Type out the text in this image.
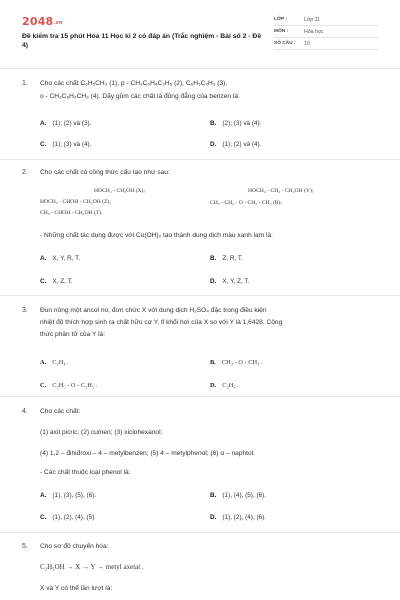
2048.vn
Đề kiểm tra 15 phút Hóa 11 Học kì 2 có đáp án (Trắc nghiệm - Bài số 2 - Đề 4)
LỚP :	Lớp 11
MÔN :	Hóa học
SỐ CÂU :	10
1. Cho các chất C₆H₅CH₃ (1), p - CH₃C₆H₄C₂H₅ (2), C₆H₅C₂H₃ (3),
o - CH₃C₆H₄CH₃ (4). Dãy gồm các chất là đồng đẳng của benzen là:
A. (1); (2) và (3).	B. (2); (3) và (4).
C. (1); (3) và (4).	D. (1); (2) và (4).
2. Cho các chất có công thức cấu tạo như sau:
HOCH₂ - CH₂OH (X);
HOCH₂ - CHOH - CH₂OH (Z);
CH₃ - CHOH - CH₂OH (T).
HOCH₂ - CH₂ - CH₂OH (Y);
CH₃ - CH₂ - O - CH₂ - CH₃ (R);
- Những chất tác dụng được với Cu(OH)₂ tạo thành dung dịch màu xanh lam là:
A. X, Y, R, T.	B. Z, R, T.
C. X, Z, T.	D. X, Y, Z, T.
3. Đun nóng một ancol no, đơn chức X với dung dịch H₂SO₄ đặc trong điều kiện
nhiệt độ thích hợp sinh ra chất hữu cơ Y, tỉ khối hơi của X so với Y là 1,6428. Công
thức phân tử của Y là:
A. C₂H₄ .	B. CH₃ - O - CH₃ .
C. C₂H₅ - O - C₂H₅ .	D. C₃H₆ .
4. Cho các chất:
(1) axit picric; (2) cumen; (3) xiclohexanol;
(4) 1,2 – đihiđroxi – 4 – metylbenzen; (5) 4 – metylphenol; (6) α – naphtol.
- Các chất thuộc loại phenol là:
A. (1), (3), (5), (6).	B. (1), (4), (5), (6).
C. (1), (2), (4), (5)	D. (1), (2), (4), (6).
5. Cho sơ đồ chuyển hóa:
C₂H₅OH → X → Y → metyl axetat .
X và Y có thể lần lượt là:
